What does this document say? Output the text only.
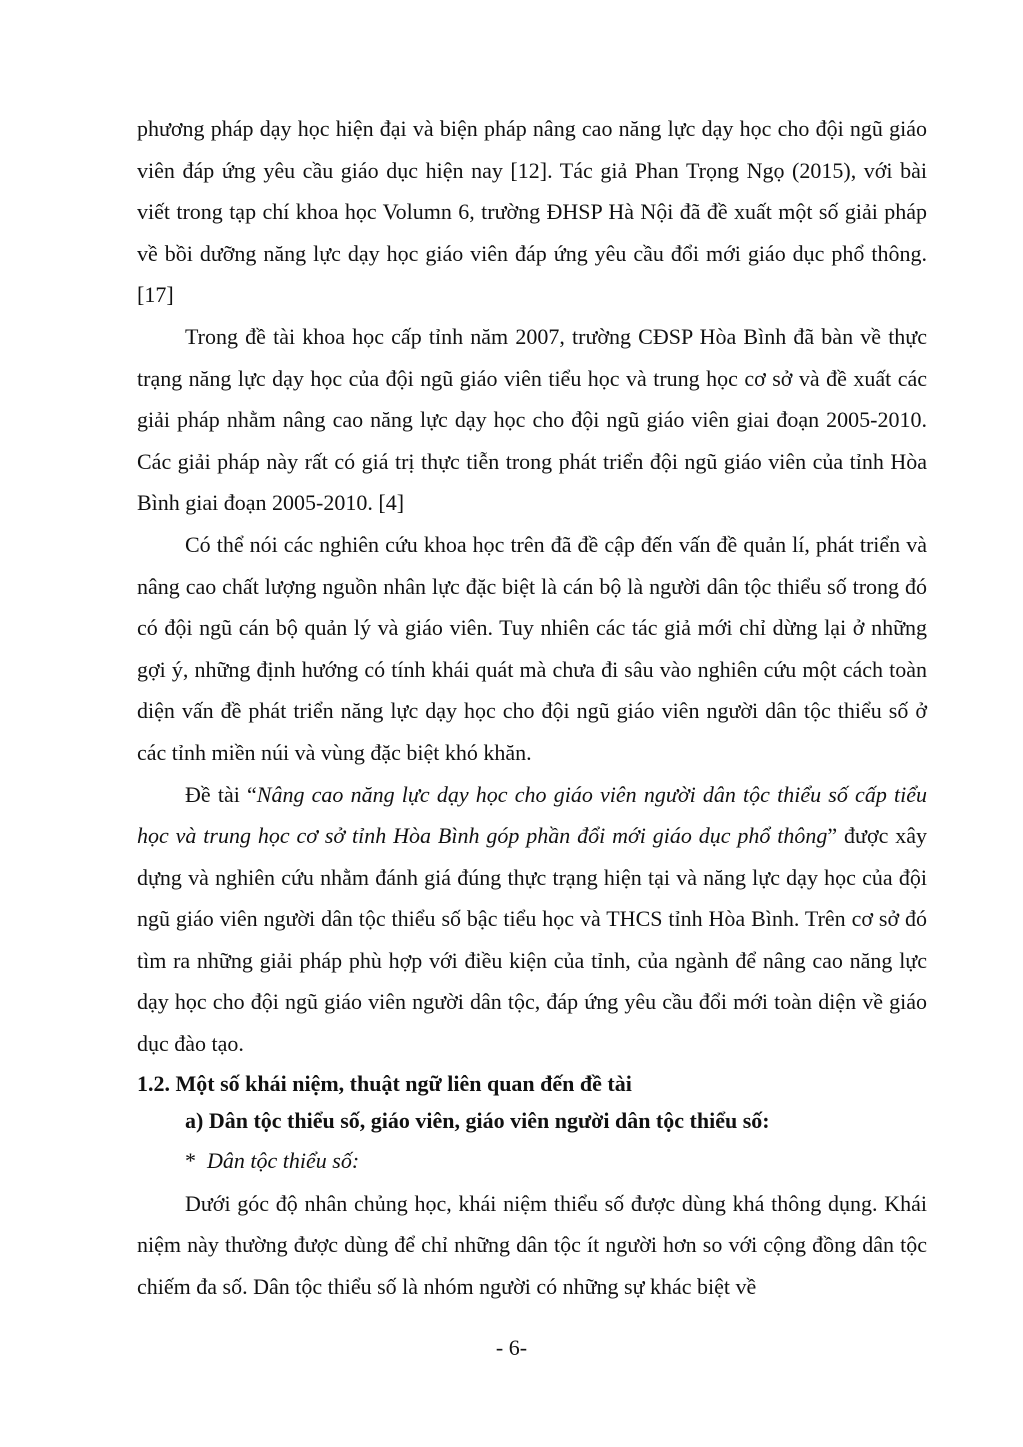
phương pháp dạy học hiện đại và biện pháp nâng cao năng lực dạy học cho đội ngũ giáo viên đáp ứng yêu cầu giáo dục hiện nay [12]. Tác giả Phan Trọng Ngọ (2015), với bài viết trong tạp chí khoa học Volumn 6, trường ĐHSP Hà Nội đã đề xuất một số giải pháp về bồi dưỡng năng lực dạy học giáo viên đáp ứng yêu cầu đổi mới giáo dục phổ thông. [17]

Trong đề tài khoa học cấp tỉnh năm 2007, trường CĐSP Hòa Bình đã bàn về thực trạng năng lực dạy học của đội ngũ giáo viên tiểu học và trung học cơ sở và đề xuất các giải pháp nhằm nâng cao năng lực dạy học cho đội ngũ giáo viên giai đoạn 2005-2010. Các giải pháp này rất có giá trị thực tiễn trong phát triển đội ngũ giáo viên của tỉnh Hòa Bình giai đoạn 2005-2010. [4]

Có thể nói các nghiên cứu khoa học trên đã đề cập đến vấn đề quản lí, phát triển và nâng cao chất lượng nguồn nhân lực đặc biệt là cán bộ là người dân tộc thiểu số trong đó có đội ngũ cán bộ quản lý và giáo viên. Tuy nhiên các tác giả mới chỉ dừng lại ở những gợi ý, những định hướng có tính khái quát mà chưa đi sâu vào nghiên cứu một cách toàn diện vấn đề phát triển năng lực dạy học cho đội ngũ giáo viên người dân tộc thiểu số ở các tỉnh miền núi và vùng đặc biệt khó khăn.

Đề tài “Nâng cao năng lực dạy học cho giáo viên người dân tộc thiểu số cấp tiểu học và trung học cơ sở tỉnh Hòa Bình góp phần đổi mới giáo dục phổ thông” được xây dựng và nghiên cứu nhằm đánh giá đúng thực trạng hiện tại và năng lực dạy học của đội ngũ giáo viên người dân tộc thiểu số bậc tiểu học và THCS tỉnh Hòa Bình. Trên cơ sở đó tìm ra những giải pháp phù hợp với điều kiện của tỉnh, của ngành để nâng cao năng lực dạy học cho đội ngũ giáo viên người dân tộc, đáp ứng yêu cầu đổi mới toàn diện về giáo dục đào tạo.

1.2. Một số khái niệm, thuật ngữ liên quan đến đề tài

a) Dân tộc thiểu số, giáo viên, giáo viên người dân tộc thiểu số:

* Dân tộc thiểu số:

Dưới góc độ nhân chủng học, khái niệm thiểu số được dùng khá thông dụng. Khái niệm này thường được dùng để chỉ những dân tộc ít người hơn so với cộng đồng dân tộc chiếm đa số. Dân tộc thiểu số là nhóm người có những sự khác biệt về

- 6-
